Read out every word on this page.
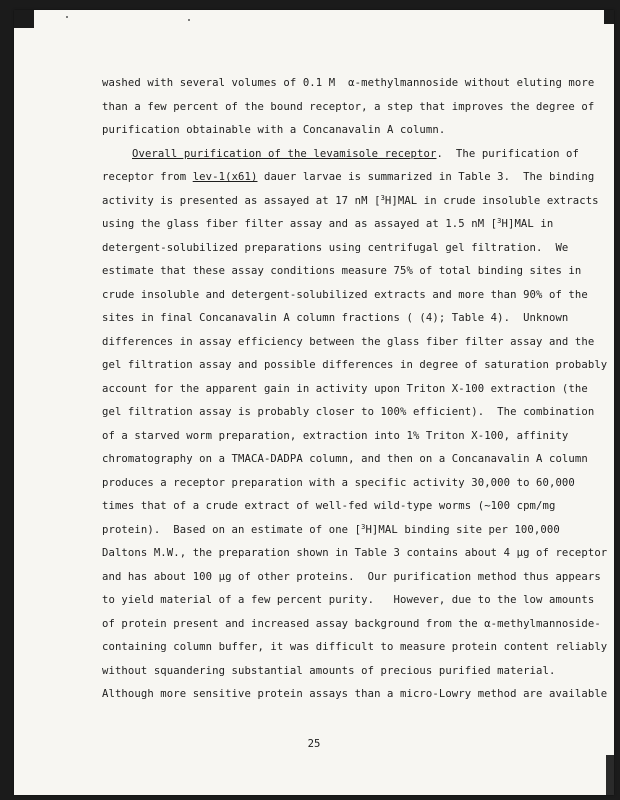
washed with several volumes of 0.1 M  α-methylmannoside without eluting more
than a few percent of the bound receptor, a step that improves the degree of
purification obtainable with a Concanavalin A column.
Overall purification of the levamisole receptor.  The purification of
receptor from lev-1(x61) dauer larvae is summarized in Table 3.  The binding
activity is presented as assayed at 17 nM [$^3$H]MAL in crude insoluble extracts
using the glass fiber filter assay and as assayed at 1.5 nM [$^3$H]MAL in
detergent-solubilized preparations using centrifugal gel filtration.  We
estimate that these assay conditions measure 75% of total binding sites in
crude insoluble and detergent-solubilized extracts and more than 90% of the
sites in final Concanavalin A column fractions ( (4); Table 4).  Unknown
differences in assay efficiency between the glass fiber filter assay and the
gel filtration assay and possible differences in degree of saturation probably
account for the apparent gain in activity upon Triton X-100 extraction (the
gel filtration assay is probably closer to 100% efficient).  The combination
of a starved worm preparation, extraction into 1% Triton X-100, affinity
chromatography on a TMACA-DADPA column, and then on a Concanavalin A column
produces a receptor preparation with a specific activity 30,000 to 60,000
times that of a crude extract of well-fed wild-type worms (~100 cpm/mg
protein).  Based on an estimate of one [$^3$H]MAL binding site per 100,000
Daltons M.W., the preparation shown in Table 3 contains about 4 μg of receptor
and has about 100 μg of other proteins.  Our purification method thus appears
to yield material of a few percent purity.   However, due to the low amounts
of protein present and increased assay background from the α-methylmannoside-
containing column buffer, it was difficult to measure protein content reliably
without squandering substantial amounts of precious purified material.
Although more sensitive protein assays than a micro-Lowry method are available
25
